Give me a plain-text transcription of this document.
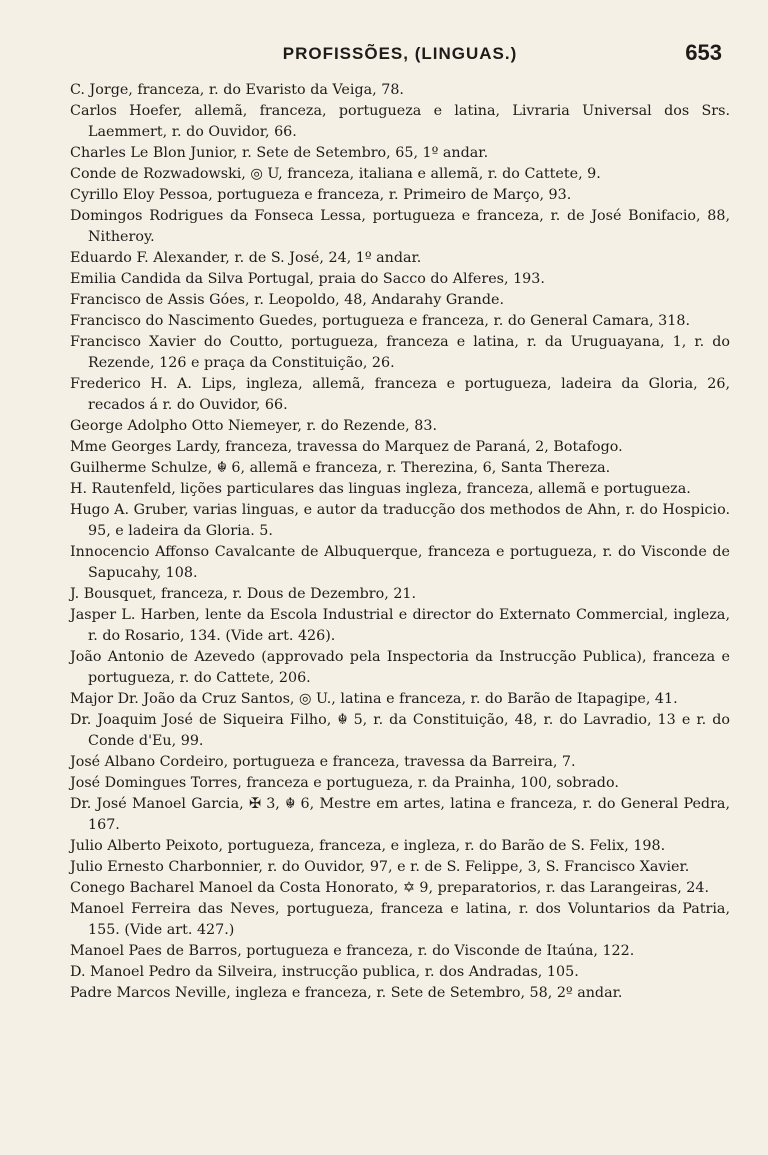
PROFISSÕES, (LINGUAS.)	653

C. Jorge, franceza, r. do Evaristo da Veiga, 78.

Carlos Hoefer, allemã, franceza, portugueza e latina, Livraria Universal dos Srs. Laemmert, r. do Ouvidor, 66.

Charles Le Blon Junior, r. Sete de Setembro, 65, 1º andar.

Conde de Rozwadowski, ◎ U, franceza, italiana e allemã, r. do Cattete, 9.

Cyrillo Eloy Pessoa, portugueza e franceza, r. Primeiro de Março, 93.

Domingos Rodrigues da Fonseca Lessa, portugueza e franceza, r. de José Bonifacio, 88, Nitheroy.

Eduardo F. Alexander, r. de S. José, 24, 1º andar.

Emilia Candida da Silva Portugal, praia do Sacco do Alferes, 193.

Francisco de Assis Góes, r. Leopoldo, 48, Andarahy Grande.

Francisco do Nascimento Guedes, portugueza e franceza, r. do General Camara, 318.

Francisco Xavier do Coutto, portugueza, franceza e latina, r. da Uruguayana, 1, r. do Rezende, 126 e praça da Constituição, 26.

Frederico H. A. Lips, ingleza, allemã, franceza e portugueza, ladeira da Gloria, 26, recados á r. do Ouvidor, 66.

George Adolpho Otto Niemeyer, r. do Rezende, 83.

Mme Georges Lardy, franceza, travessa do Marquez de Paraná, 2, Botafogo.

Guilherme Schulze, ☬ 6, allemã e franceza, r. Therezina, 6, Santa Thereza.

H. Rautenfeld, lições particulares das linguas ingleza, franceza, allemã e portugueza.

Hugo A. Gruber, varias linguas, e autor da traducção dos methodos de Ahn, r. do Hospicio. 95, e ladeira da Gloria. 5.

Innocencio Affonso Cavalcante de Albuquerque, franceza e portugueza, r. do Visconde de Sapucahy, 108.

J. Bousquet, franceza, r. Dous de Dezembro, 21.

Jasper L. Harben, lente da Escola Industrial e director do Externato Commercial, ingleza, r. do Rosario, 134. (Vide art. 426).

João Antonio de Azevedo (approvado pela Inspectoria da Instrucção Publica), franceza e portugueza, r. do Cattete, 206.

Major Dr. João da Cruz Santos, ◎ U., latina e franceza, r. do Barão de Itapagipe, 41.

Dr. Joaquim José de Siqueira Filho, ☬ 5, r. da Constituição, 48, r. do Lavradio, 13 e r. do Conde d'Eu, 99.

José Albano Cordeiro, portugueza e franceza, travessa da Barreira, 7.

José Domingues Torres, franceza e portugueza, r. da Prainha, 100, sobrado.

Dr. José Manoel Garcia, ✠ 3, ☬ 6, Mestre em artes, latina e franceza, r. do General Pedra, 167.

Julio Alberto Peixoto, portugueza, franceza, e ingleza, r. do Barão de S. Felix, 198.

Julio Ernesto Charbonnier, r. do Ouvidor, 97, e r. de S. Felippe, 3, S. Francisco Xavier.

Conego Bacharel Manoel da Costa Honorato, ✡ 9, preparatorios, r. das Larangeiras, 24.

Manoel Ferreira das Neves, portugueza, franceza e latina, r. dos Voluntarios da Patria, 155. (Vide art. 427.)

Manoel Paes de Barros, portugueza e franceza, r. do Visconde de Itaúna, 122.

D. Manoel Pedro da Silveira, instrucção publica, r. dos Andradas, 105.

Padre Marcos Neville, ingleza e franceza, r. Sete de Setembro, 58, 2º andar.
